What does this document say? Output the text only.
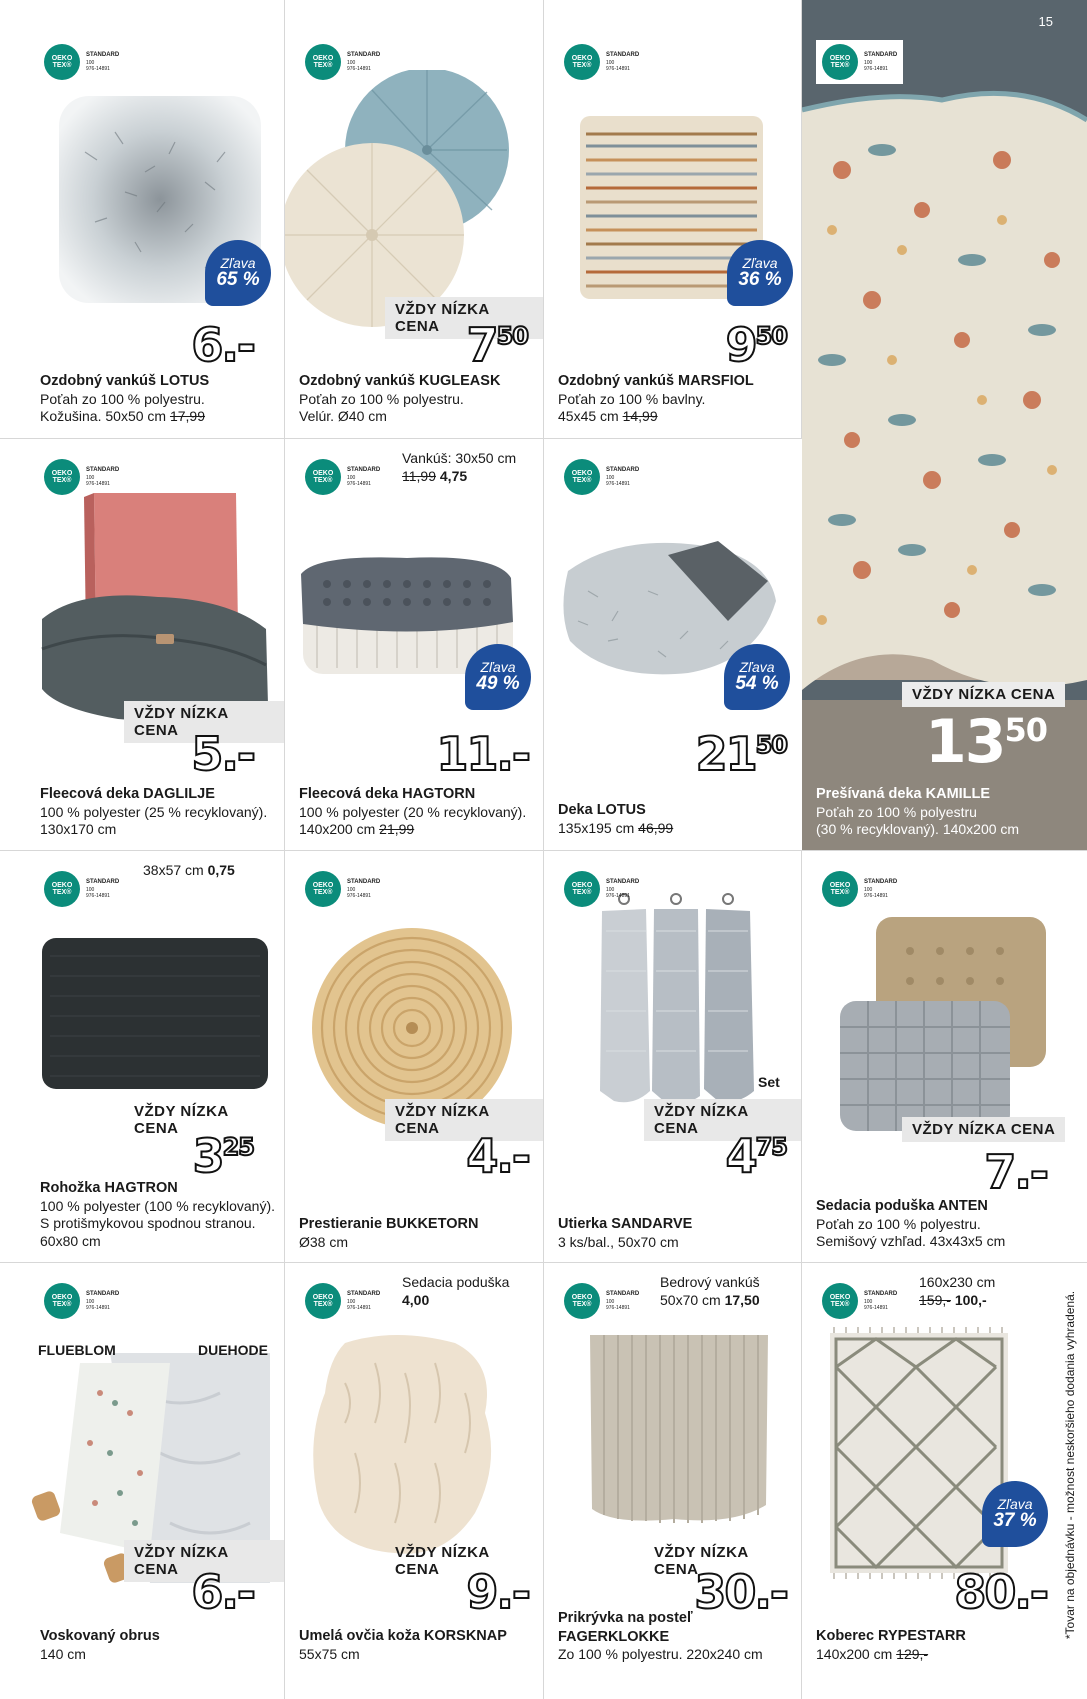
15
OEKO TEX®
STANDARD
100
976-14891
Zľava
65 %
6.-
Ozdobný vankúš LOTUS
Poťah zo 100 % polyestru.
Kožušina. 50x50 cm 17,99
OEKO TEX®
STANDARD
100
976-14891
VŽDY NÍZKA CENA 750
Ozdobný vankúš KUGLEASK
Poťah zo 100 % polyestru.
Velúr. Ø40 cm
OEKO TEX®
STANDARD
100
976-14891
Zľava
36 %
950
Ozdobný vankúš MARSFIOL
Poťah zo 100 % bavlny.
45x45 cm 14,99
OEKO TEX®
STANDARD
100
976-14891
VŽDY NÍZKA CENA
1350
Prešívaná deka KAMILLE
Poťah zo 100 % polyestru
(30 % recyklovaný). 140x200 cm
OEKO TEX®
STANDARD
100
976-14891
VŽDY NÍZKA CENA 5.-
Fleecová deka DAGLILJE
100 % polyester (25 % recyklovaný).
130x170 cm
OEKO TEX®
STANDARD
100
976-14891
Vankúš: 30x50 cm
11,99 4,75
Zľava
49 %
11.-
Fleecová deka HAGTORN
100 % polyester (20 % recyklovaný).
140x200 cm 21,99
OEKO TEX®
STANDARD
100
976-14891
Zľava
54 %
2150
Deka LOTUS
135x195 cm 46,99
OEKO TEX®
STANDARD
100
976-14891
38x57 cm 0,75
VŽDY NÍZKA CENA
325
Rohožka HAGTRON
100 % polyester (100 % recyklovaný).
S protišmykovou spodnou stranou.
60x80 cm
OEKO TEX®
STANDARD
100
976-14891
VŽDY NÍZKA CENA
4.-
Prestieranie BUKKETORN
Ø38 cm
OEKO TEX®
STANDARD
100
976-14891
Set
VŽDY NÍZKA CENA
475
Utierka SANDARVE
3 ks/bal., 50x70 cm
OEKO TEX®
STANDARD
100
976-14891
VŽDY NÍZKA CENA
7.-
Sedacia poduška ANTEN
Poťah zo 100 % polyestru.
Semišový vzhľad. 43x43x5 cm
OEKO TEX®
STANDARD
100
976-14891
FLUEBLOM	DUEHODE
VŽDY NÍZKA CENA 6.-
Voskovaný obrus
140 cm
OEKO TEX®
STANDARD
100
976-14891
Sedacia poduška
4,00
VŽDY NÍZKA CENA 9.-
Umelá ovčia koža KORSKNAP
55x75 cm
OEKO TEX®
STANDARD
100
976-14891
Bedrový vankúš
50x70 cm 17,50
VŽDY NÍZKA CENA
30.-
Prikrývka na posteľ FAGERKLOKKE
Zo 100 % polyestru. 220x240 cm
OEKO TEX®
STANDARD
100
976-14891
160x230 cm
159,- 100,-
Zľava
37 %
80.-
Koberec RYPESTARR
140x200 cm 129,-
*Tovar na objednávku - možnost neskoršieho dodania vyhradená.
